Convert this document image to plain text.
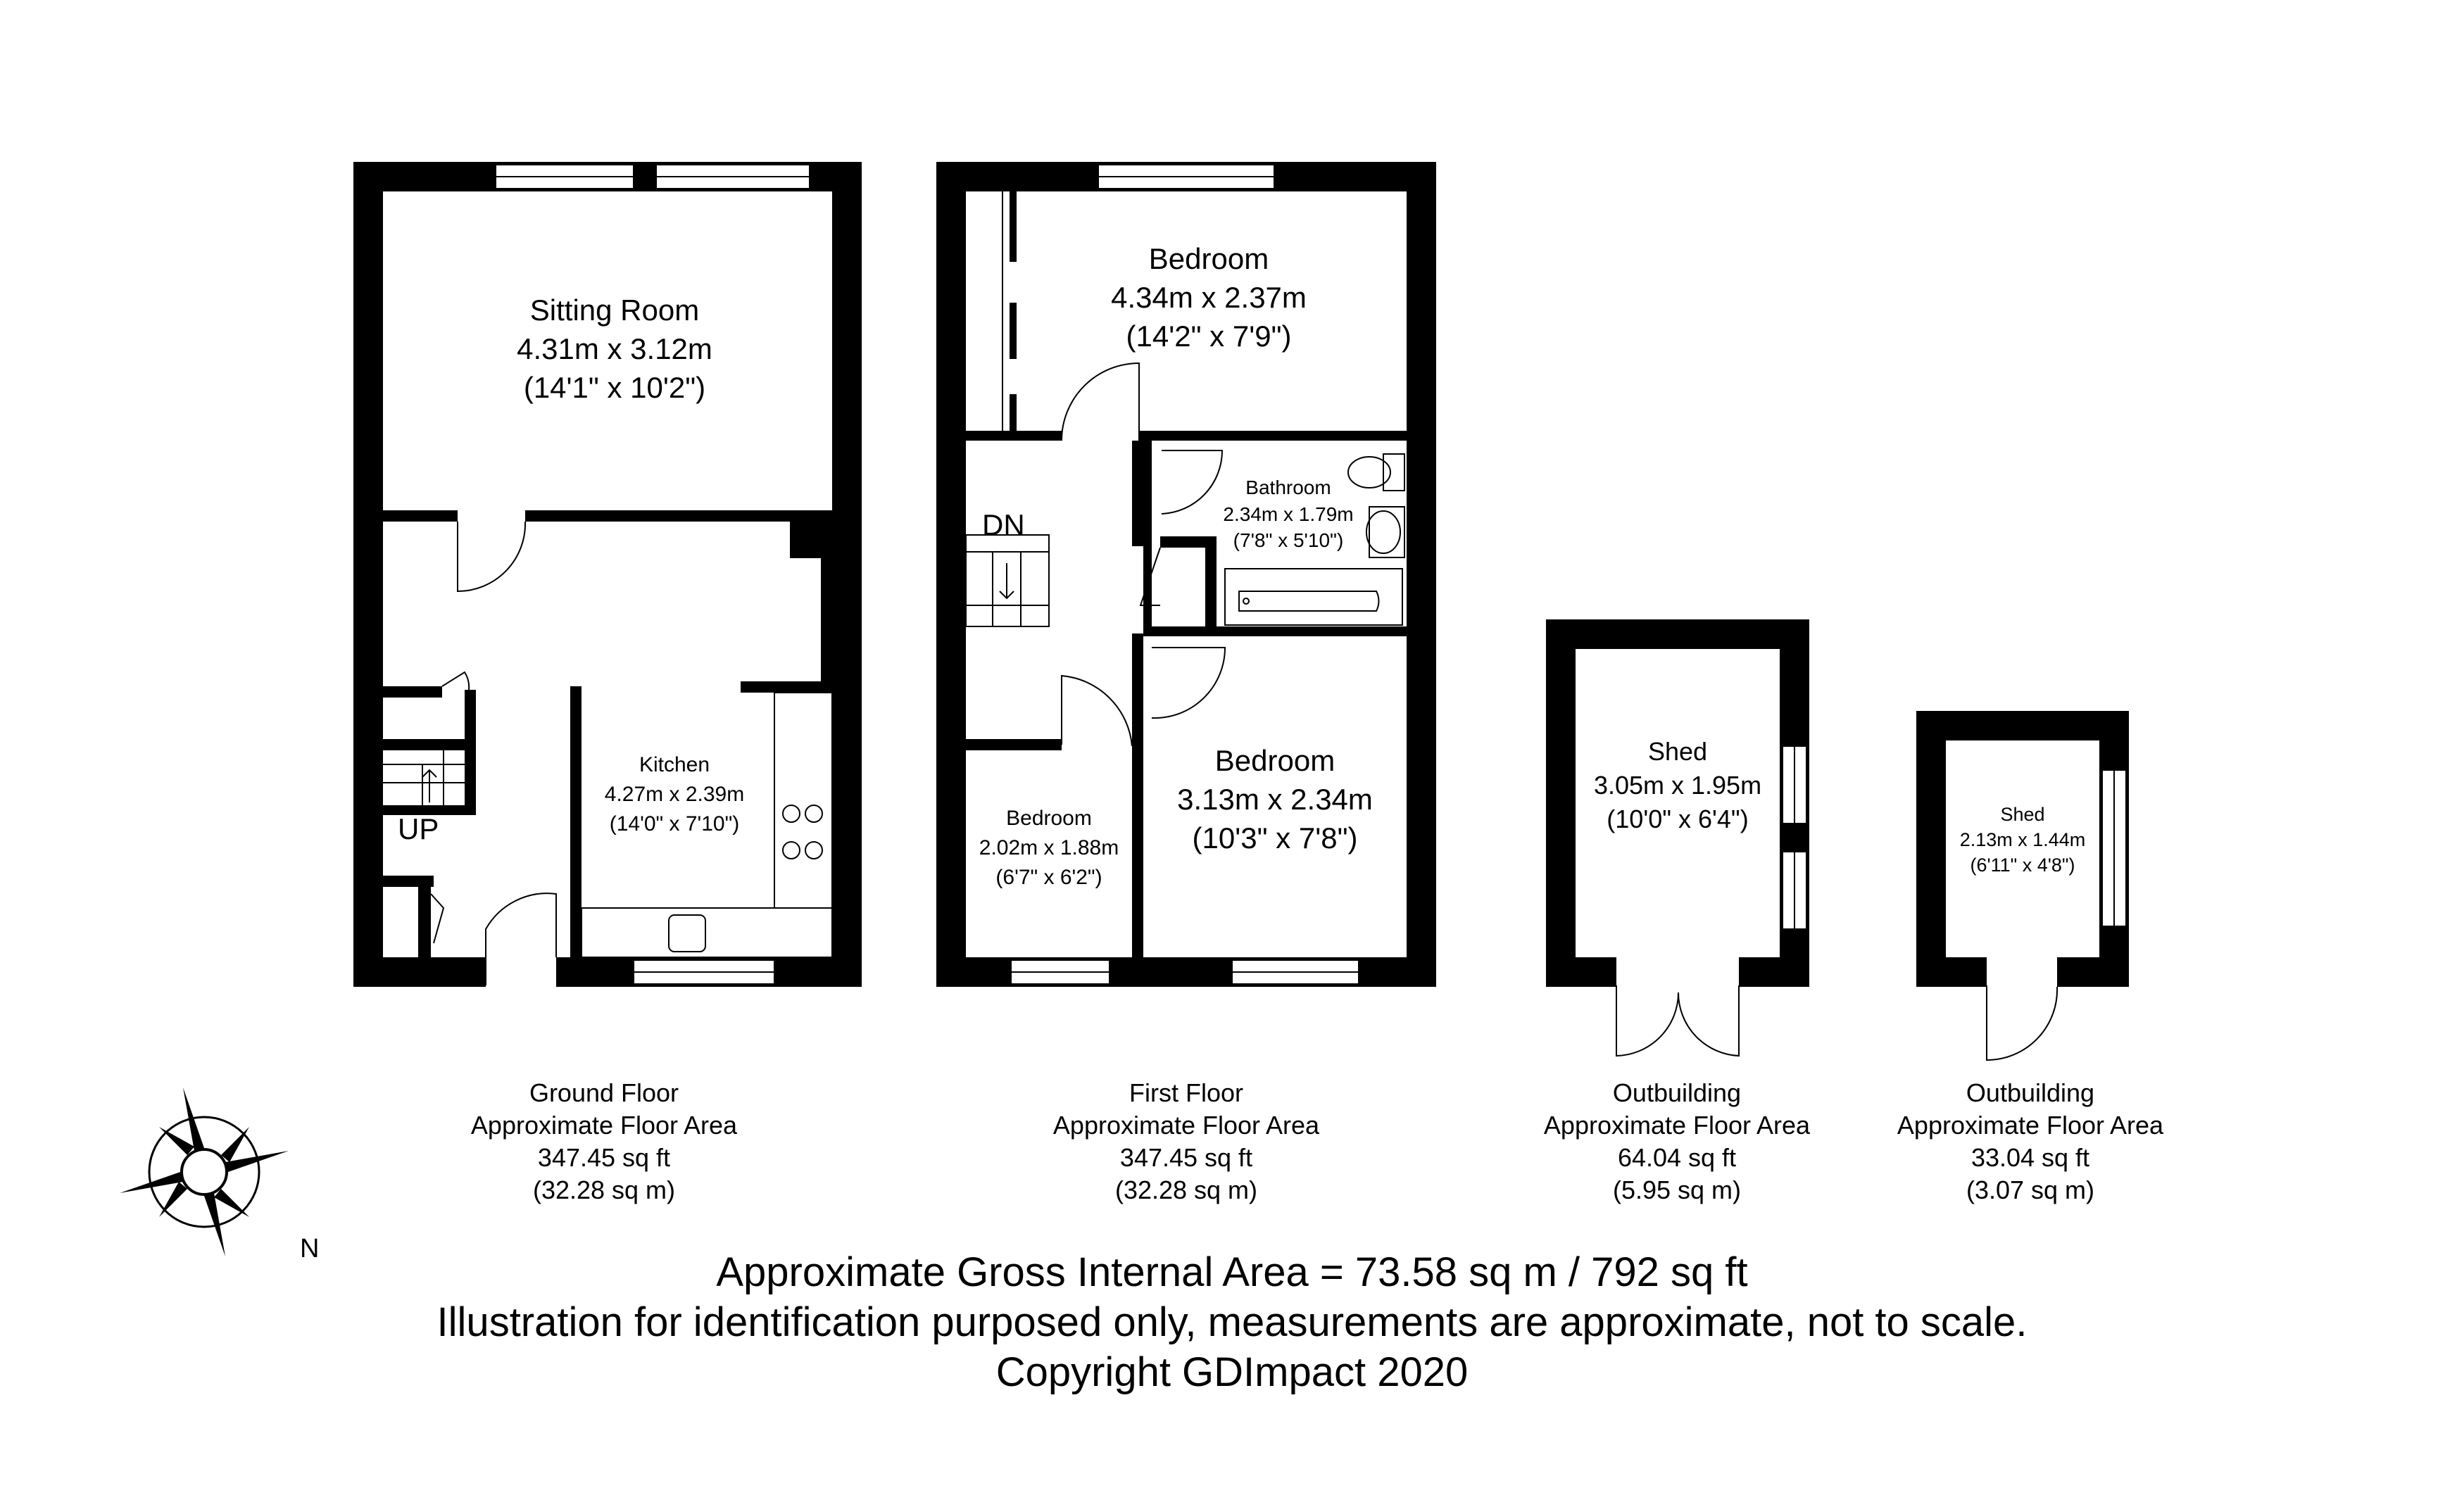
N
Sitting Room
4.31m x 3.12m
(14'1" x 10'2")
Kitchen
4.27m x 2.39m
(14'0" x 7'10")
Bedroom
4.34m x 2.37m
(14'2" x 7'9")
Bathroom
2.34m x 1.79m
(7'8" x 5'10")
Bedroom
3.13m x 2.34m
(10'3" x 7'8")
Bedroom
2.02m x 1.88m
(6'7" x 6'2")
Shed
3.05m x 1.95m
(10'0" x 6'4")	Shed
2.13m x 1.44m
(6'11" x 4'8")
UP
DN
Ground Floor
Approximate Floor Area
347.45 sq ft
(32.28 sq m)
First Floor
Approximate Floor Area
347.45 sq ft
(32.28 sq m)
Outbuilding
Approximate Floor Area
64.04 sq ft
(5.95 sq m)
Outbuilding
Approximate Floor Area
33.04 sq ft
(3.07 sq m)
Approximate Gross Internal Area = 73.58 sq m / 792 sq ft
Illustration for identification purposed only, measurements are approximate, not to scale.
Copyright GDImpact 2020
